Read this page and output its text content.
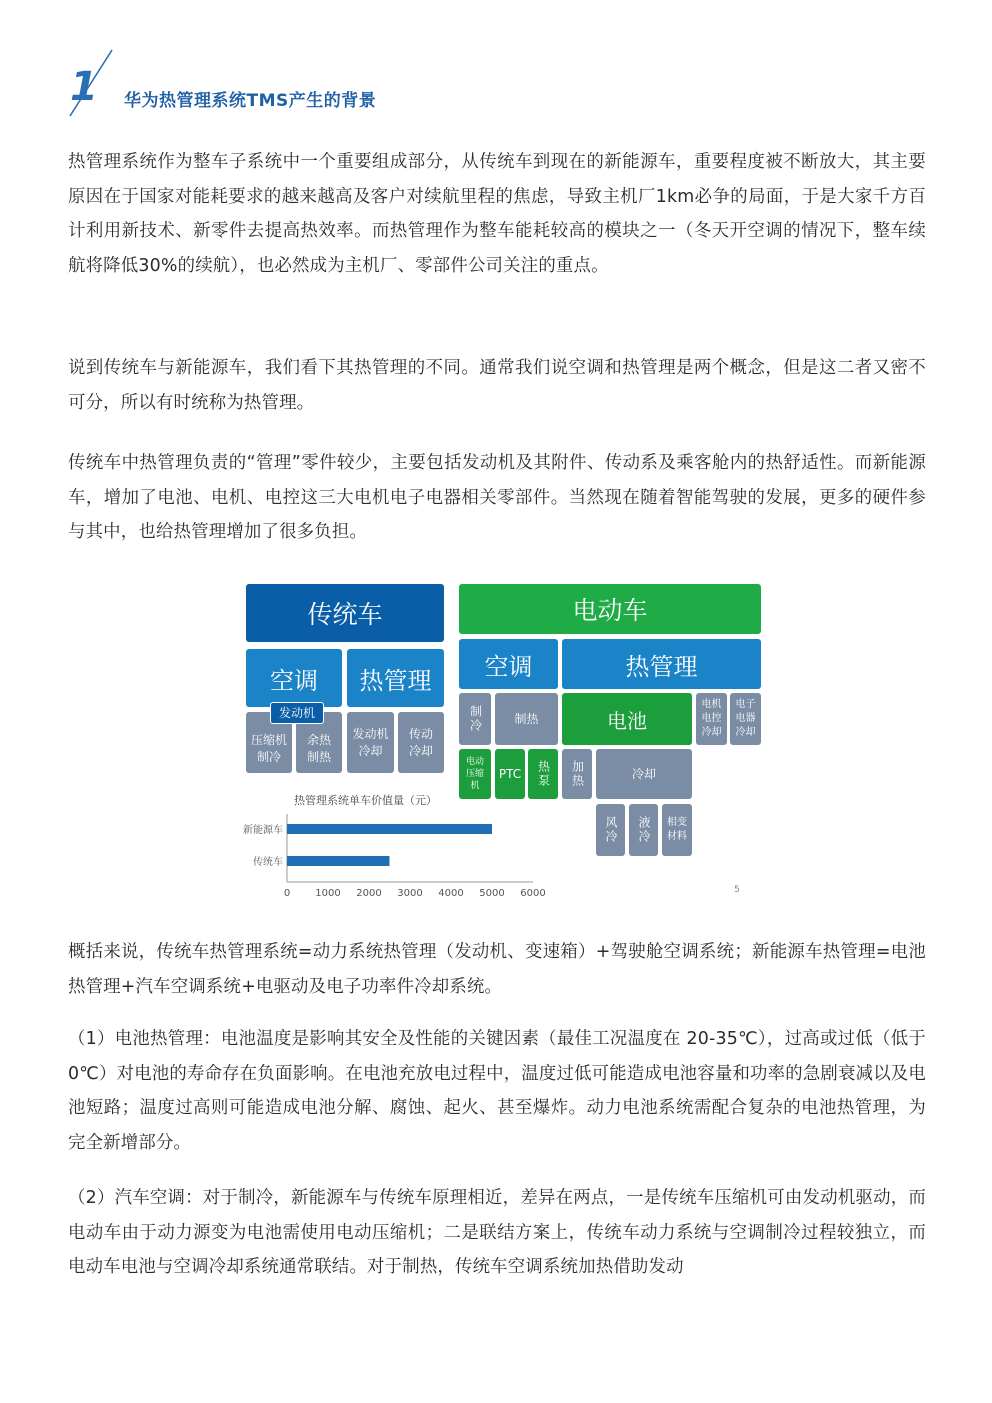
1 华为热管理系统TMS产生的背景

热管理系统作为整车子系统中一个重要组成部分，从传统车到现在的新能源车，重要程度被不断放大，其主要原因在于国家对能耗要求的越来越高及客户对续航里程的焦虑，导致主机厂1km必争的局面，于是大家千方百计利用新技术、新零件去提高热效率。而热管理作为整车能耗较高的模块之一（冬天开空调的情况下，整车续航将降低30%的续航），也必然成为主机厂、零部件公司关注的重点。

说到传统车与新能源车，我们看下其热管理的不同。通常我们说空调和热管理是两个概念，但是这二者又密不可分，所以有时统称为热管理。

传统车中热管理负责的“管理”零件较少，主要包括发动机及其附件、传动系及乘客舱内的热舒适性。而新能源车，增加了电池、电机、电控这三大电机电子电器相关零部件。当然现在随着智能驾驶的发展，更多的硬件参与其中，也给热管理增加了很多负担。

传统车
空调	热管理
压缩机
制冷
余热
制热
发动机
冷却
传动
冷却
发动机
电动车
空调	热管理
制冷	制热	电池
电机
电控
冷却
电子
电器
冷却
电动
压缩
机
PTC	热泵	加热	冷却
风冷	液冷	相变
材料
热管理系统单车价值量（元）
新能源车
传统车
0	1000 2000 3000 4000 5000 6000	5

概括来说，传统车热管理系统=动力系统热管理（发动机、变速箱）+驾驶舱空调系统；新能源车热管理=电池热管理+汽车空调系统+电驱动及电子功率件冷却系统。

（1）电池热管理：电池温度是影响其安全及性能的关键因素（最佳工况温度在 20-35℃），过高或过低（低于 0℃）对电池的寿命存在负面影响。在电池充放电过程中，温度过低可能造成电池容量和功率的急剧衰减以及电池短路；温度过高则可能造成电池分解、腐蚀、起火、甚至爆炸。动力电池系统需配合复杂的电池热管理，为完全新增部分。

（2）汽车空调：对于制冷，新能源车与传统车原理相近，差异在两点，一是传统车压缩机可由发动机驱动，而电动车由于动力源变为电池需使用电动压缩机；二是联结方案上，传统车动力系统与空调制冷过程较独立，而电动车电池与空调冷却系统通常联结。对于制热，传统车空调系统加热借助发动
